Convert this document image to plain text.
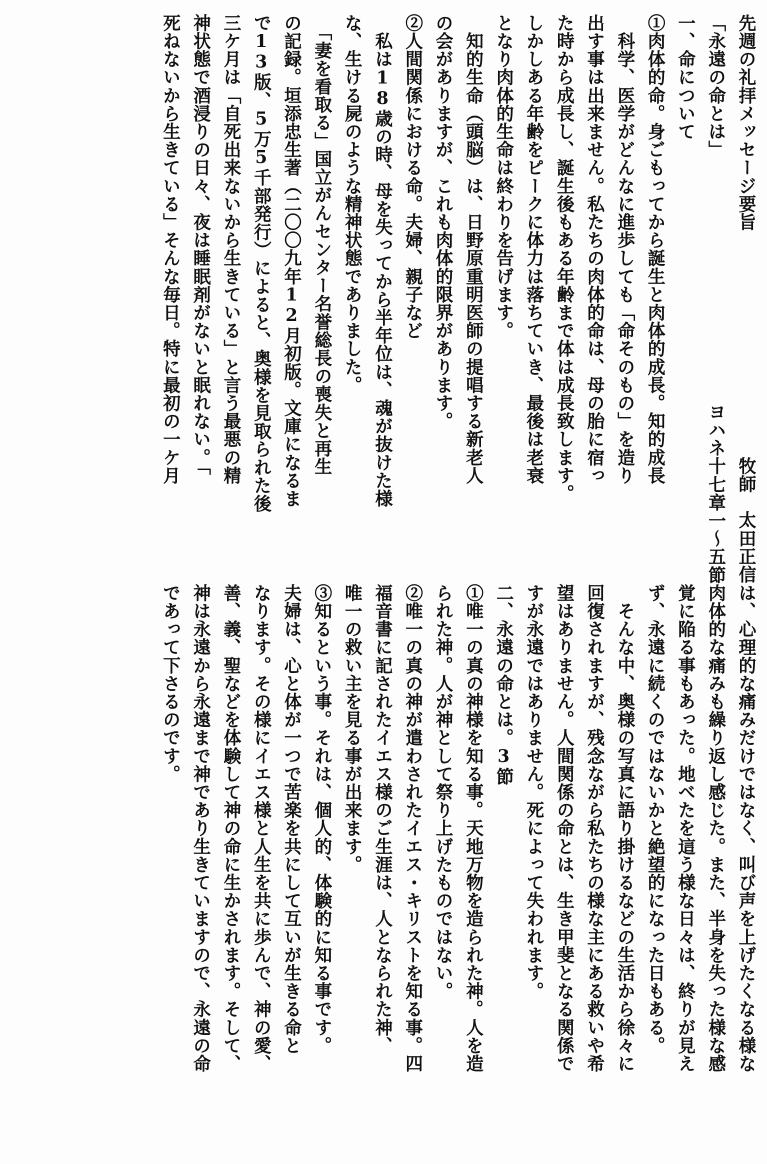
先週の礼拝メッセージ要旨
牧師　太田正信
「永遠の命とは」
ヨハネ十七章一～五節
一、命について
①肉体的命。身ごもってから誕生と肉体的成長。知的成長
　科学、医学がどんなに進歩しても「命そのもの」を造り
出す事は出来ません。私たちの肉体的命は、母の胎に宿っ
た時から成長し、誕生後もある年齢まで体は成長致します。
しかしある年齢をピークに体力は落ちていき、最後は老衰
となり肉体的生命は終わりを告げます。
　知的生命（頭脳）は、日野原重明医師の提唱する新老人
の会がありますが、これも肉体的限界があります。
②人間関係における命。夫婦、親子など
　私は18歳の時、母を失ってから半年位は、魂が抜けた様
な、生ける屍のような精神状態でありました。
　「妻を看取る」国立がんセンター名誉総長の喪失と再生
の記録。垣添忠生著（二〇〇九年12月初版。文庫になるま
で13版、5万5千部発行）によると、奥様を見取られた後
三ケ月は「自死出来ないから生きている」と言う最悪の精
神状態で酒浸りの日々、夜は睡眠剤がないと眠れない。「
死ねないから生きている」そんな毎日。特に最初の一ケ月
は、心理的な痛みだけではなく、叫び声を上げたくなる様な
肉体的な痛みも繰り返し感じた。また、半身を失った様な感
覚に陥る事もあった。地べたを這う様な日々は、終りが見え
ず、永遠に続くのではないかと絶望的になった日もある。
　そんな中、奥様の写真に語り掛けるなどの生活から徐々に
回復されますが、残念ながら私たちの様な主にある救いや希
望はありません。人間関係の命とは、生き甲斐となる関係で
すが永遠ではありません。死によって失われます。
二、永遠の命とは。3節
①唯一の真の神様を知る事。天地万物を造られた神。人を造
られた神。人が神として祭り上げたものではない。
②唯一の真の神が遣わされたイエス・キリストを知る事。四
福音書に記されたイエス様のご生涯は、人となられた神、
唯一の救い主を見る事が出来ます。
③知るという事。それは、個人的、体験的に知る事です。
夫婦は、心と体が一つで苦楽を共にして互いが生きる命と
なります。その様にイエス様と人生を共に歩んで、神の愛、
善、義、聖などを体験して神の命に生かされます。そして、
神は永遠から永遠まで神であり生きていますので、永遠の命
であって下さるのです。
